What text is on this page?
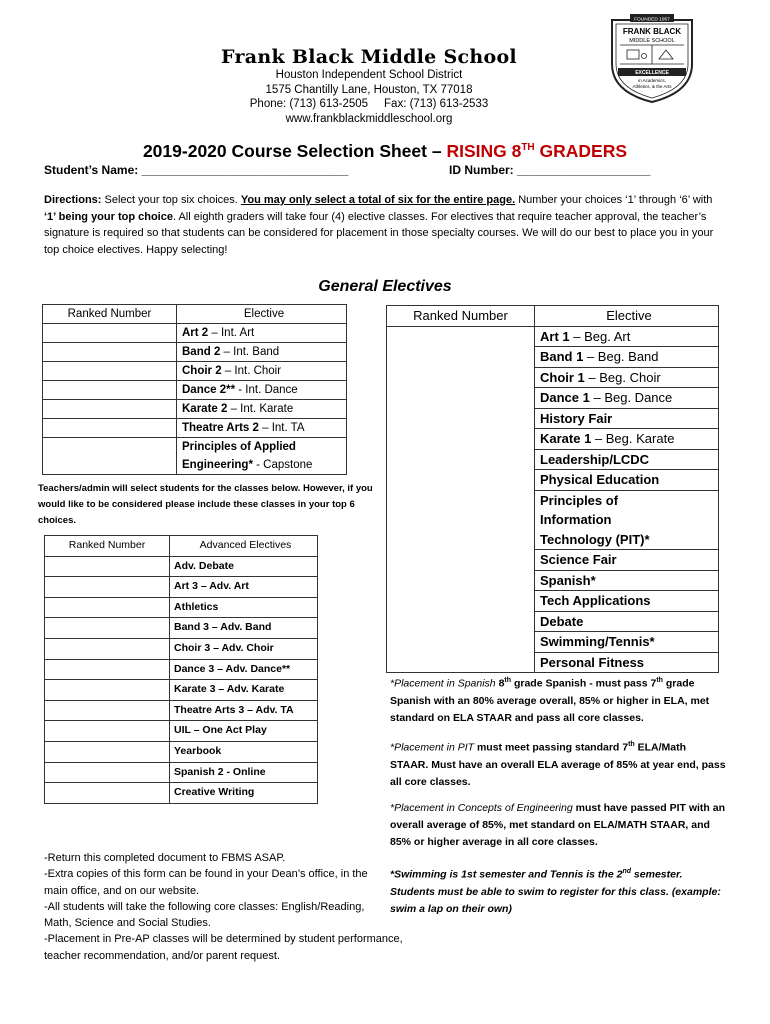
Frank Black Middle School
Houston Independent School District
1575 Chantilly Lane, Houston, TX 77018
Phone: (713) 613-2505     Fax: (713) 613-2533
www.frankblackmiddleschool.org
FOUNDED 1957
FRANK BLACK
MIDDLE SCHOOL
EXCELLENCE
in Academics,
Athletics, & the Arts
2019-2020 Course Selection Sheet – RISING 8TH GRADERS
Student’s Name: _______________________________	ID Number: ____________________
Directions: Select your top six choices. You may only select a total of six for the entire page. Number your choices ‘1’ through ‘6’ with ‘1’ being your top choice. All eighth graders will take four (4) elective classes. For electives that require teacher approval, the teacher’s signature is required so that students can be considered for placement in those specialty courses. We will do our best to place you in your top choice electives. Happy selecting!
General Electives
Ranked Number	Elective
	Art 2 – Int. Art
	Band 2 – Int. Band
	Choir 2 – Int. Choir
	Dance 2** - Int. Dance
	Karate 2 – Int. Karate
	Theatre Arts 2 – Int. TA
	Principles of Applied Engineering* - Capstone
Teachers/admin will select students for the classes below. However, if you would like to be considered please include these classes in your top 6 choices.
Ranked Number	Advanced Electives
	Adv. Debate
	Art 3 – Adv. Art
	Athletics
	Band 3 – Adv. Band
	Choir 3 – Adv. Choir
	Dance 3 – Adv. Dance**
	Karate 3 – Adv. Karate
	Theatre Arts 3 – Adv. TA
	UIL – One Act Play
	Yearbook
	Spanish 2 - Online
	Creative Writing
Ranked Number	Elective
	Art 1 – Beg. Art
	Band 1 – Beg. Band
	Choir 1 – Beg. Choir
	Dance 1 – Beg. Dance
	History Fair
	Karate 1 – Beg. Karate
	Leadership/LCDC
	Physical Education
	Principles of Information Technology (PIT)*
	Science Fair
	Spanish*
	Tech Applications
	Debate
	Swimming/Tennis*
	Personal Fitness
*Placement in Spanish 8th grade Spanish - must pass 7th grade Spanish with an 80% average overall, 85% or higher in ELA, met standard on ELA STAAR and pass all core classes.
*Placement in PIT must meet passing standard 7th ELA/Math STAAR. Must have an overall ELA average of 85% at year end, pass all core classes.
*Placement in Concepts of Engineering must have passed PIT with an overall average of 85%, met standard on ELA/MATH STAAR, and 85% or higher average in all core classes.
*Swimming is 1st semester and Tennis is the 2nd semester. Students must be able to swim to register for this class. (example: swim a lap on their own)
-Return this completed document to FBMS ASAP.
-Extra copies of this form can be found in your Dean’s office, in the
main office, and on our website.
-All students will take the following core classes: English/Reading,
Math, Science and Social Studies.
-Placement in Pre-AP classes will be determined by student performance,
teacher recommendation, and/or parent request.
